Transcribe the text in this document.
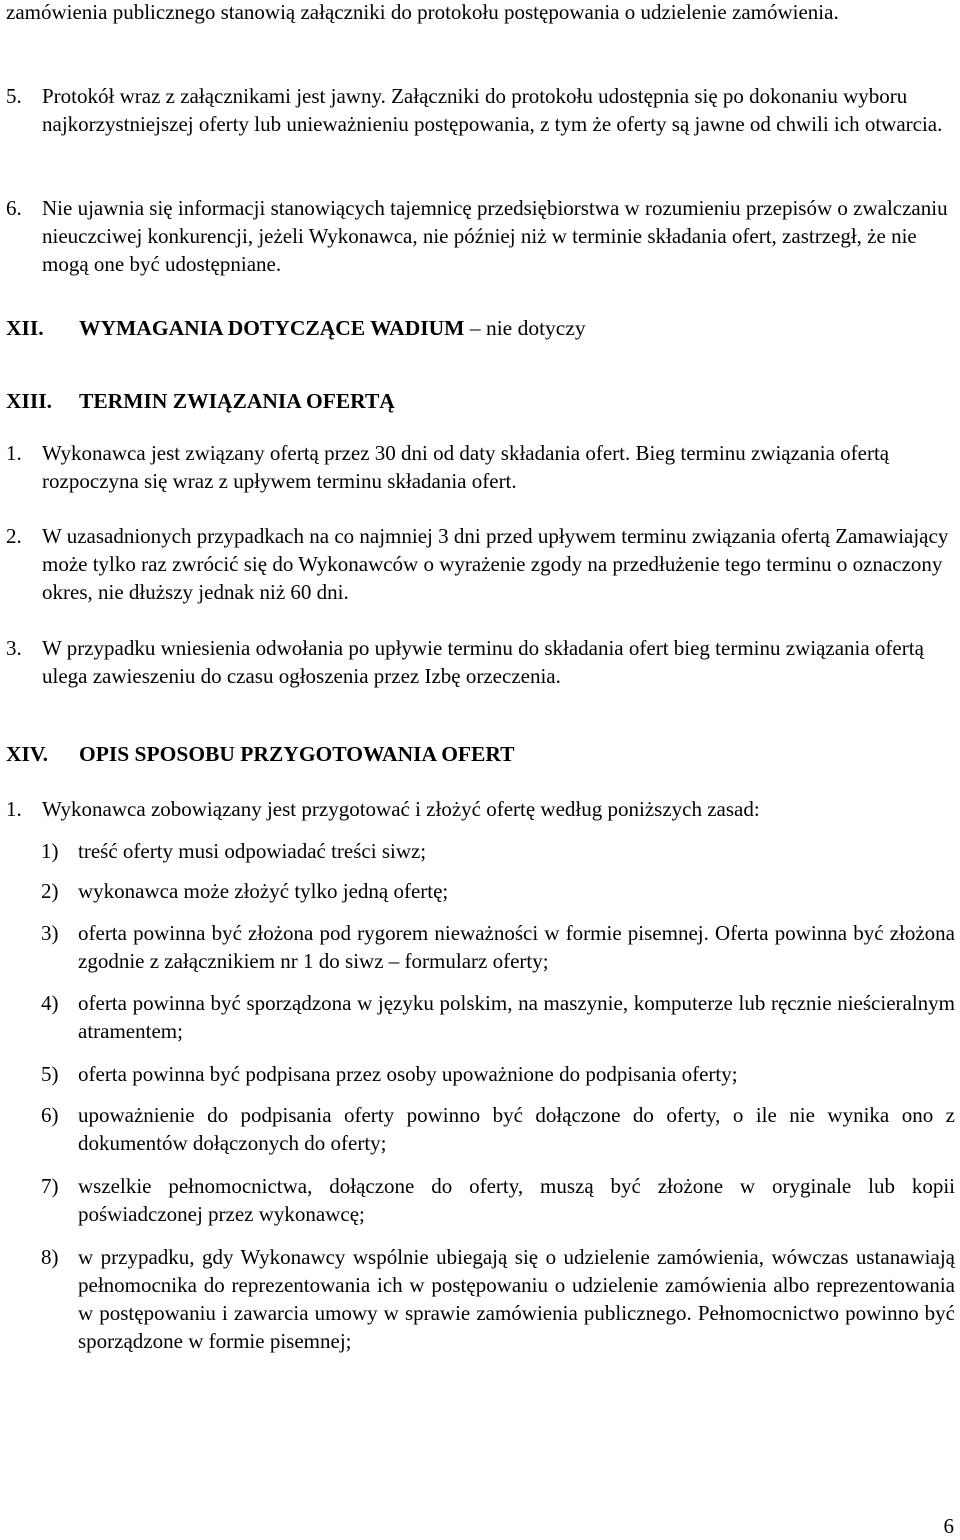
zamówienia publicznego stanowią załączniki do protokołu postępowania o udzielenie zamówienia.

5. Protokół wraz z załącznikami jest jawny. Załączniki do protokołu udostępnia się po dokonaniu wyboru najkorzystniejszej oferty lub unieważnieniu postępowania, z tym że oferty są jawne od chwili ich otwarcia.
6. Nie ujawnia się informacji stanowiących tajemnicę przedsiębiorstwa w rozumieniu przepisów o zwalczaniu nieuczciwej konkurencji, jeżeli Wykonawca, nie później niż w terminie składania ofert, zastrzegł, że nie mogą one być udostępniane.
XII.	WYMAGANIA DOTYCZĄCE WADIUM – nie dotyczy
XIII.	TERMIN ZWIĄZANIA OFERTĄ
1. Wykonawca jest związany ofertą przez 30 dni od daty składania ofert. Bieg terminu związania ofertą rozpoczyna się wraz z upływem terminu składania ofert.
2. W uzasadnionych przypadkach na co najmniej 3 dni przed upływem terminu związania ofertą Zamawiający może tylko raz zwrócić się do Wykonawców o wyrażenie zgody na przedłużenie tego terminu o oznaczony okres, nie dłuższy jednak niż 60 dni.
3. W przypadku wniesienia odwołania po upływie terminu do składania ofert bieg terminu związania ofertą ulega zawieszeniu do czasu ogłoszenia przez Izbę orzeczenia.
XIV.	OPIS SPOSOBU PRZYGOTOWANIA OFERT
1. Wykonawca zobowiązany jest przygotować i złożyć ofertę według poniższych zasad:
1) treść oferty musi odpowiadać treści siwz;
2) wykonawca może złożyć tylko jedną ofertę;
3) oferta powinna być złożona pod rygorem nieważności w formie pisemnej. Oferta powinna być złożona zgodnie z załącznikiem nr 1 do siwz – formularz oferty;
4) oferta powinna być sporządzona w języku polskim, na maszynie, komputerze lub ręcznie nieścieralnym atramentem;
5) oferta powinna być podpisana przez osoby upoważnione do podpisania oferty;
6) upoważnienie do podpisania oferty powinno być dołączone do oferty, o ile nie wynika ono z dokumentów dołączonych do oferty;
7) wszelkie pełnomocnictwa, dołączone do oferty, muszą być złożone w oryginale lub kopii poświadczonej przez wykonawcę;
8) w przypadku, gdy Wykonawcy wspólnie ubiegają się o udzielenie zamówienia, wówczas ustanawiają pełnomocnika do reprezentowania ich w postępowaniu o udzielenie zamówienia albo reprezentowania w postępowaniu i zawarcia umowy w sprawie zamówienia publicznego. Pełnomocnictwo powinno być sporządzone w formie pisemnej;
6
